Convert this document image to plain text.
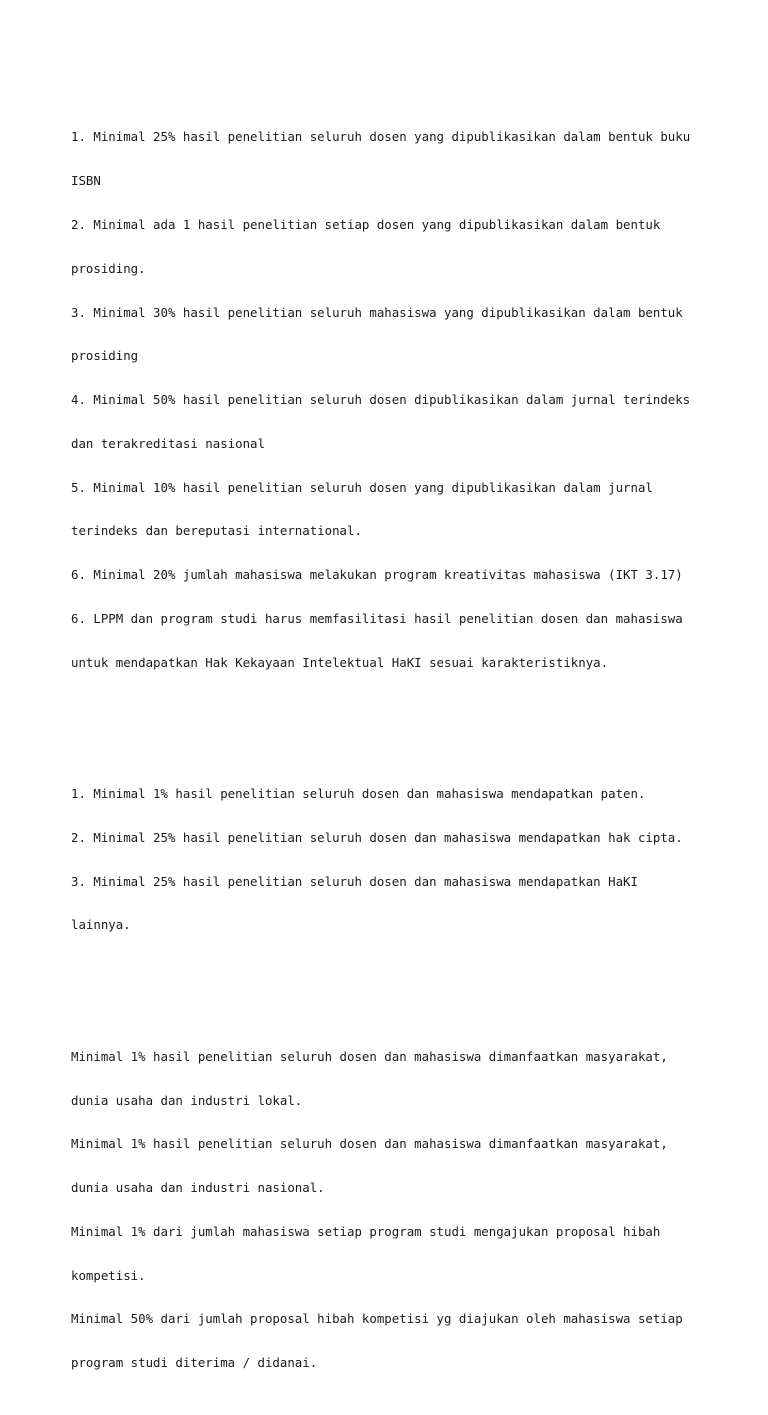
1. Minimal 25% hasil penelitian seluruh dosen yang dipublikasikan dalam bentuk buku

ISBN

2. Minimal ada 1 hasil penelitian setiap dosen yang dipublikasikan dalam bentuk

prosiding.

3. Minimal 30% hasil penelitian seluruh mahasiswa yang dipublikasikan dalam bentuk

prosiding

4. Minimal 50% hasil penelitian seluruh dosen dipublikasikan dalam jurnal terindeks

dan terakreditasi nasional

5. Minimal 10% hasil penelitian seluruh dosen yang dipublikasikan dalam jurnal

terindeks dan bereputasi international.

6. Minimal 20% jumlah mahasiswa melakukan program kreativitas mahasiswa (IKT 3.17)

6. LPPM dan program studi harus memfasilitasi hasil penelitian dosen dan mahasiswa

untuk mendapatkan Hak Kekayaan Intelektual HaKI sesuai karakteristiknya.

1. Minimal 1% hasil penelitian seluruh dosen dan mahasiswa mendapatkan paten.

2. Minimal 25% hasil penelitian seluruh dosen dan mahasiswa mendapatkan hak cipta.

3. Minimal 25% hasil penelitian seluruh dosen dan mahasiswa mendapatkan HaKI

lainnya.

Minimal 1% hasil penelitian seluruh dosen dan mahasiswa dimanfaatkan masyarakat,

dunia usaha dan industri lokal.

Minimal 1% hasil penelitian seluruh dosen dan mahasiswa dimanfaatkan masyarakat,

dunia usaha dan industri nasional.

Minimal 1% dari jumlah mahasiswa setiap program studi mengajukan proposal hibah

kompetisi.

Minimal 50% dari jumlah proposal hibah kompetisi yg diajukan oleh mahasiswa setiap

program studi diterima / didanai.
